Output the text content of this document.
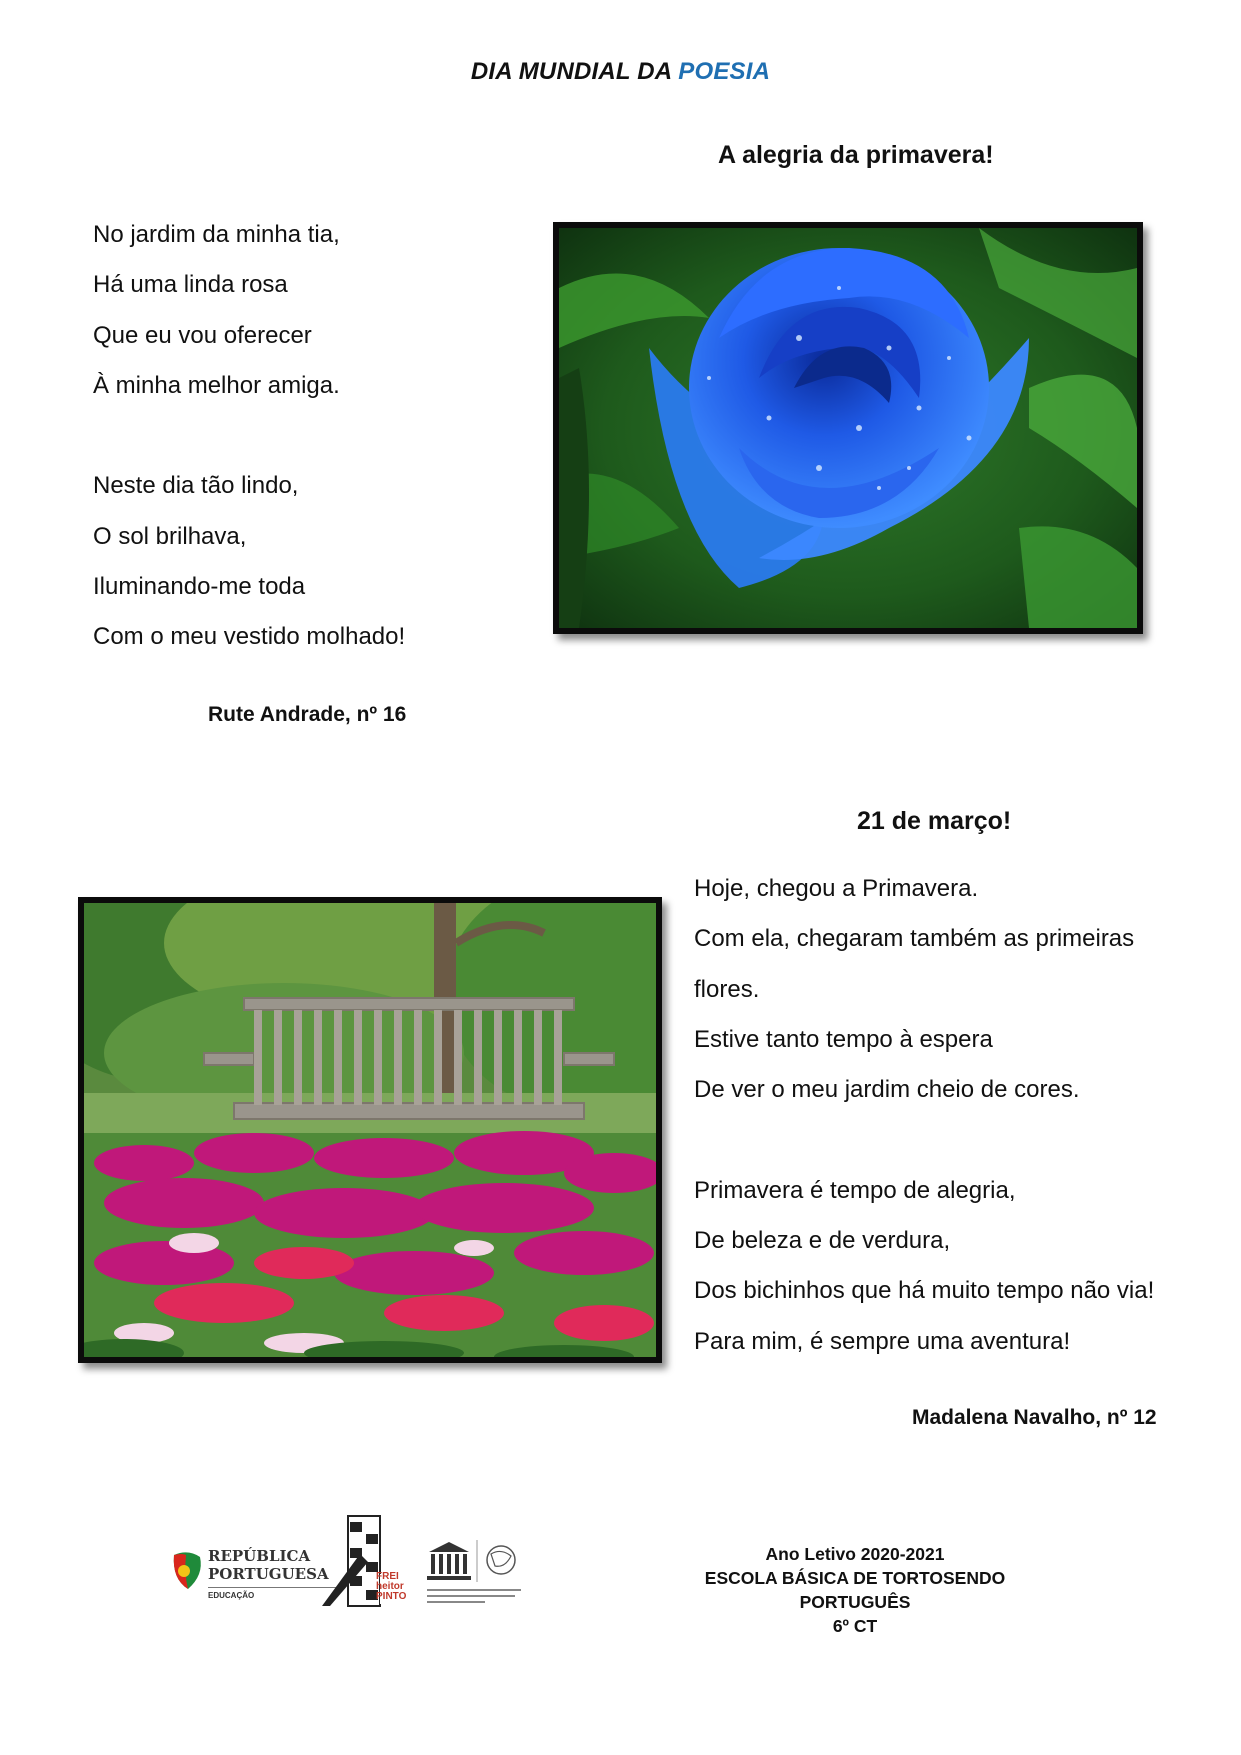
DIA MUNDIAL DA POESIA
A alegria da primavera!
No jardim da minha tia,
Há uma linda rosa
Que eu vou oferecer
À minha melhor amiga.

Neste dia tão lindo,
O sol brilhava,
Iluminando-me toda
Com o meu vestido molhado!
Rute Andrade, nº 16
21 de março!
Hoje, chegou a Primavera.
Com ela, chegaram também as primeiras
flores.
Estive tanto tempo à espera
De ver o meu jardim cheio de cores.

Primavera é tempo de alegria,
De beleza e de verdura,
Dos bichinhos que há muito tempo não via!
Para mim, é sempre uma aventura!
Madalena Navalho, nº 12
REPÚBLICA
PORTUGUESA
EDUCAÇÃO
FREI heitor PINTO
Ano Letivo 2020-2021
ESCOLA BÁSICA DE TORTOSENDO
PORTUGUÊS
6º CT
